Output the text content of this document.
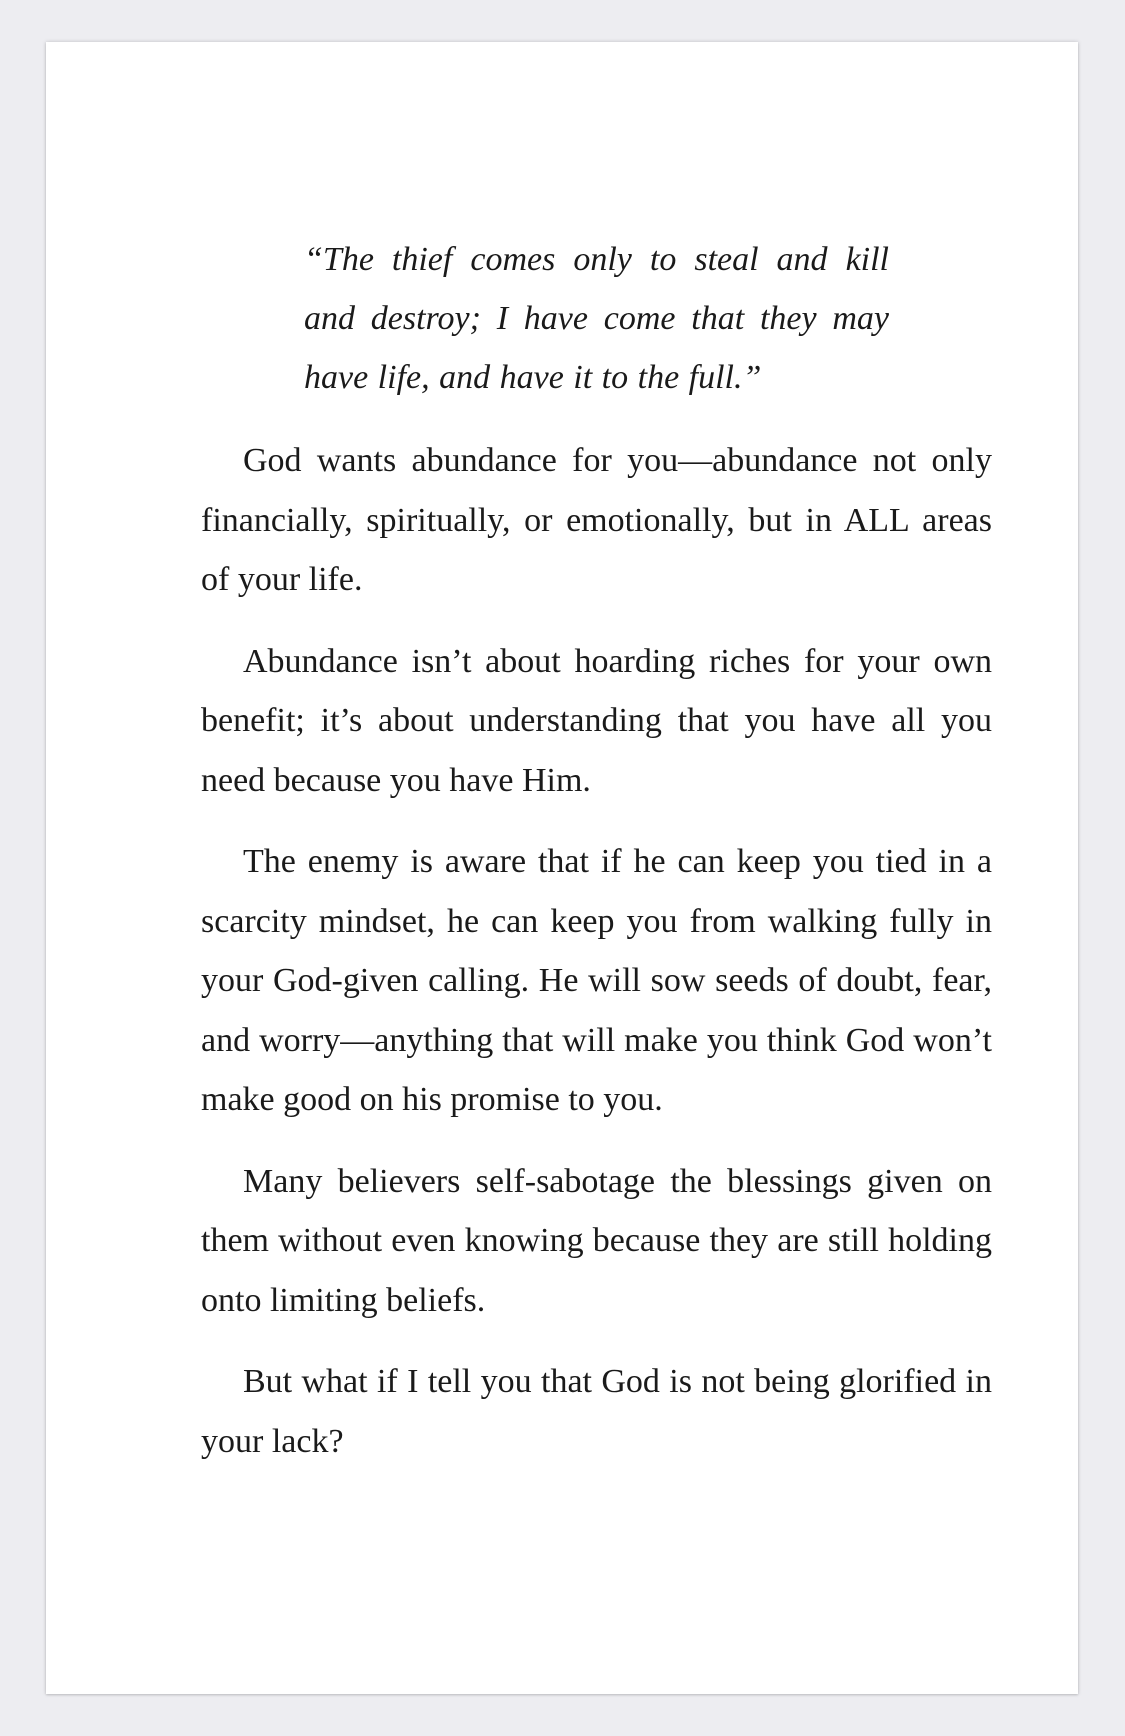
“The thief comes only to steal and kill and destroy; I have come that they may have life, and have it to the full.”

God wants abundance for you—abundance not only financially, spiritually, or emotionally, but in ALL areas of your life.

Abundance isn’t about hoarding riches for your own benefit; it’s about understanding that you have all you need because you have Him.

The enemy is aware that if he can keep you tied in a scarcity mindset, he can keep you from walking fully in your God-given calling. He will sow seeds of doubt, fear, and worry—anything that will make you think God won’t make good on his promise to you.

Many believers self-sabotage the blessings given on them without even knowing because they are still holding onto limiting beliefs.

But what if I tell you that God is not being glorified in your lack?
